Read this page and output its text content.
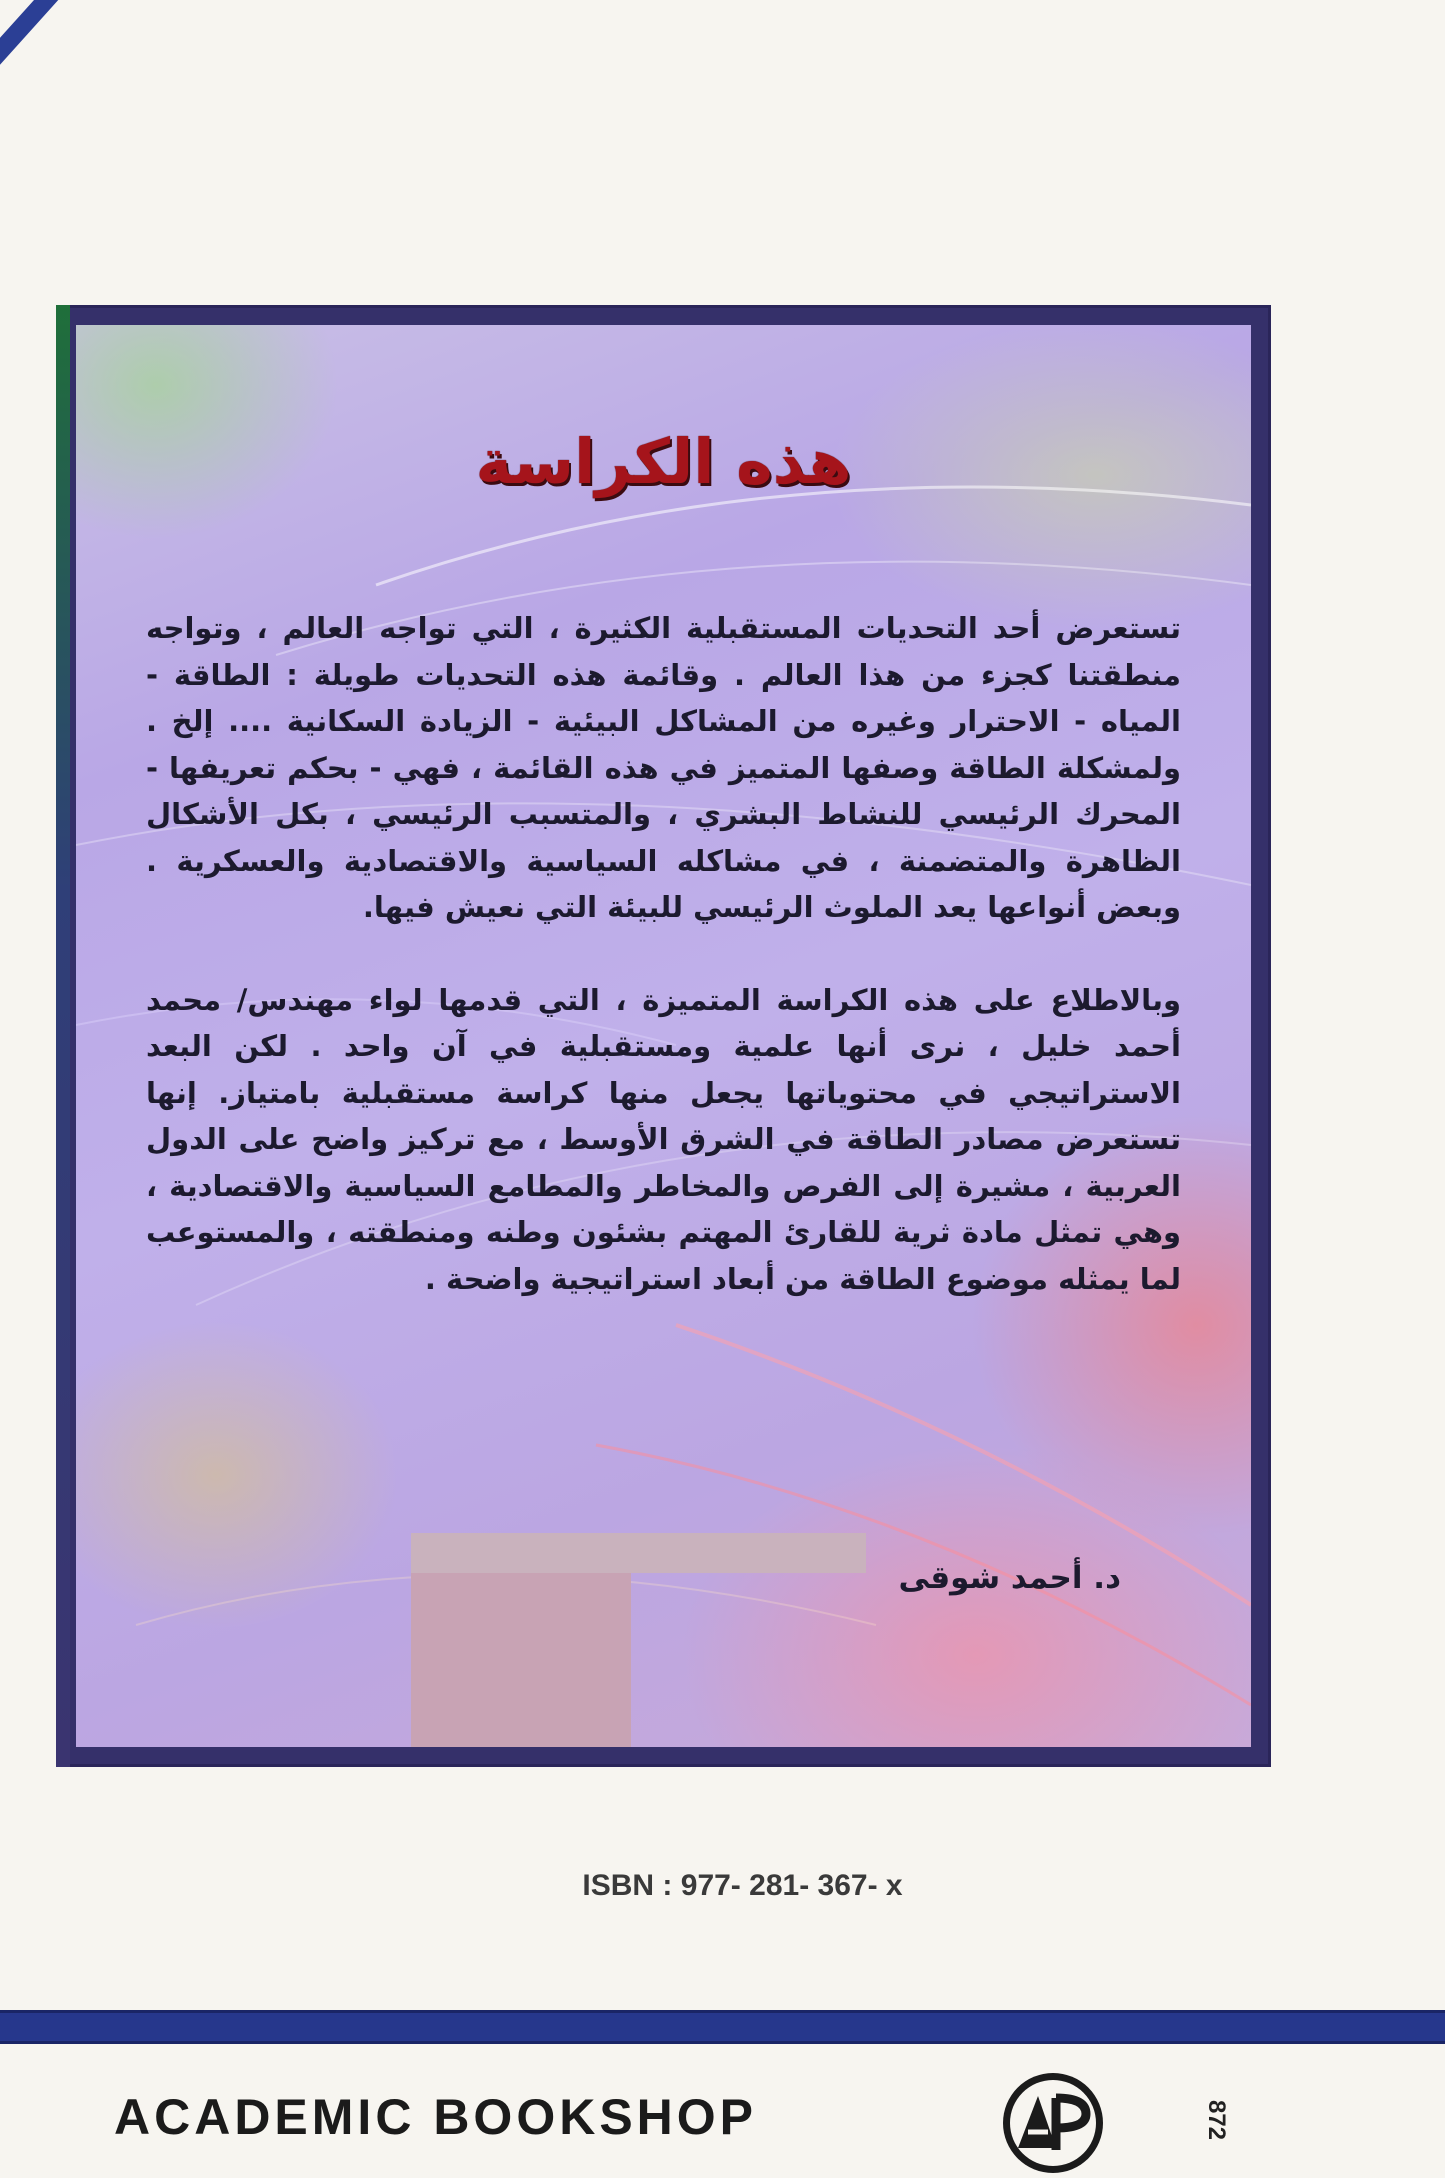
هذه الكراسة

تستعرض أحد التحديات المستقبلية الكثيرة ، التي تواجه العالم ، وتواجه منطقتنا كجزء من هذا العالم . وقائمة هذه التحديات طويلة : الطاقة - المياه - الاحترار وغيره من المشاكل البيئية - الزيادة السكانية .... إلخ . ولمشكلة الطاقة وصفها المتميز في هذه القائمة ، فهي - بحكم تعريفها - المحرك الرئيسي للنشاط البشري ، والمتسبب الرئيسي ، بكل الأشكال الظاهرة والمتضمنة ، في مشاكله السياسية والاقتصادية والعسكرية . وبعض أنواعها يعد الملوث الرئيسي للبيئة التي نعيش فيها.

وبالاطلاع على هذه الكراسة المتميزة ، التي قدمها لواء مهندس/ محمد أحمد خليل ، نرى أنها علمية ومستقبلية في آن واحد . لكن البعد الاستراتيجي في محتوياتها يجعل منها كراسة مستقبلية بامتياز. إنها تستعرض مصادر الطاقة في الشرق الأوسط ، مع تركيز واضح على الدول العربية ، مشيرة إلى الفرص والمخاطر والمطامع السياسية والاقتصادية ، وهي تمثل مادة ثرية للقارئ المهتم بشئون وطنه ومنطقته ، والمستوعب لما يمثله موضوع الطاقة من أبعاد استراتيجية واضحة .

د. أحمد شوقى
ISBN : 977- 281- 367- x
ACADEMIC BOOKSHOP	872
